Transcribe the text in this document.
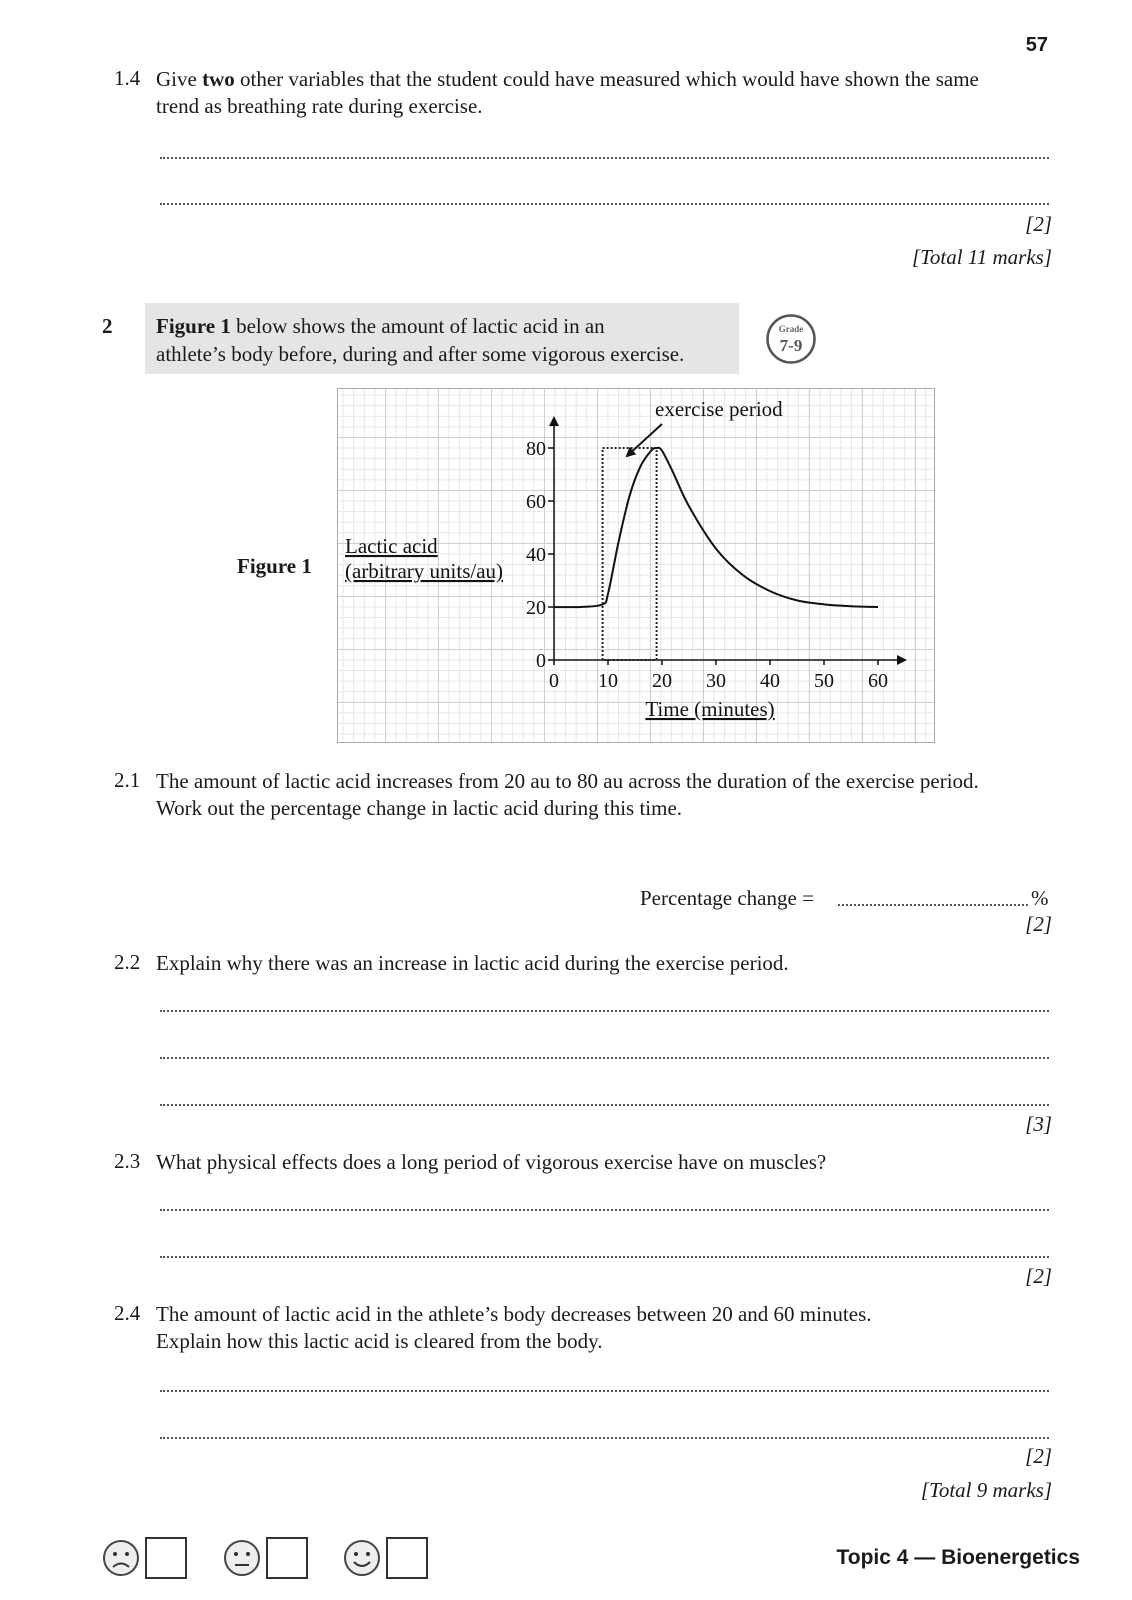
57
1.4 Give two other variables that the student could have measured which would have shown the same
trend as breathing rate during exercise.
[2]
[Total 11 marks]
2 Figure 1 below shows the amount of lactic acid in an
athlete’s body before, during and after some vigorous exercise.
Grade
7-9
Figure 1
0
20
40
60
80
0 10 20 30 40 50 60
exercise period
Lactic acid
(arbitrary units/au)
Time (minutes)
2.1 The amount of lactic acid increases from 20 au to 80 au across the duration of the exercise period.
Work out the percentage change in lactic acid during this time.
Percentage change =	%
[2]
2.2 Explain why there was an increase in lactic acid during the exercise period.
[3]
2.3 What physical effects does a long period of vigorous exercise have on muscles?
[2]
2.4 The amount of lactic acid in the athlete’s body decreases between 20 and 60 minutes.
Explain how this lactic acid is cleared from the body.
[2]
[Total 9 marks]
Topic 4 — Bioenergetics
